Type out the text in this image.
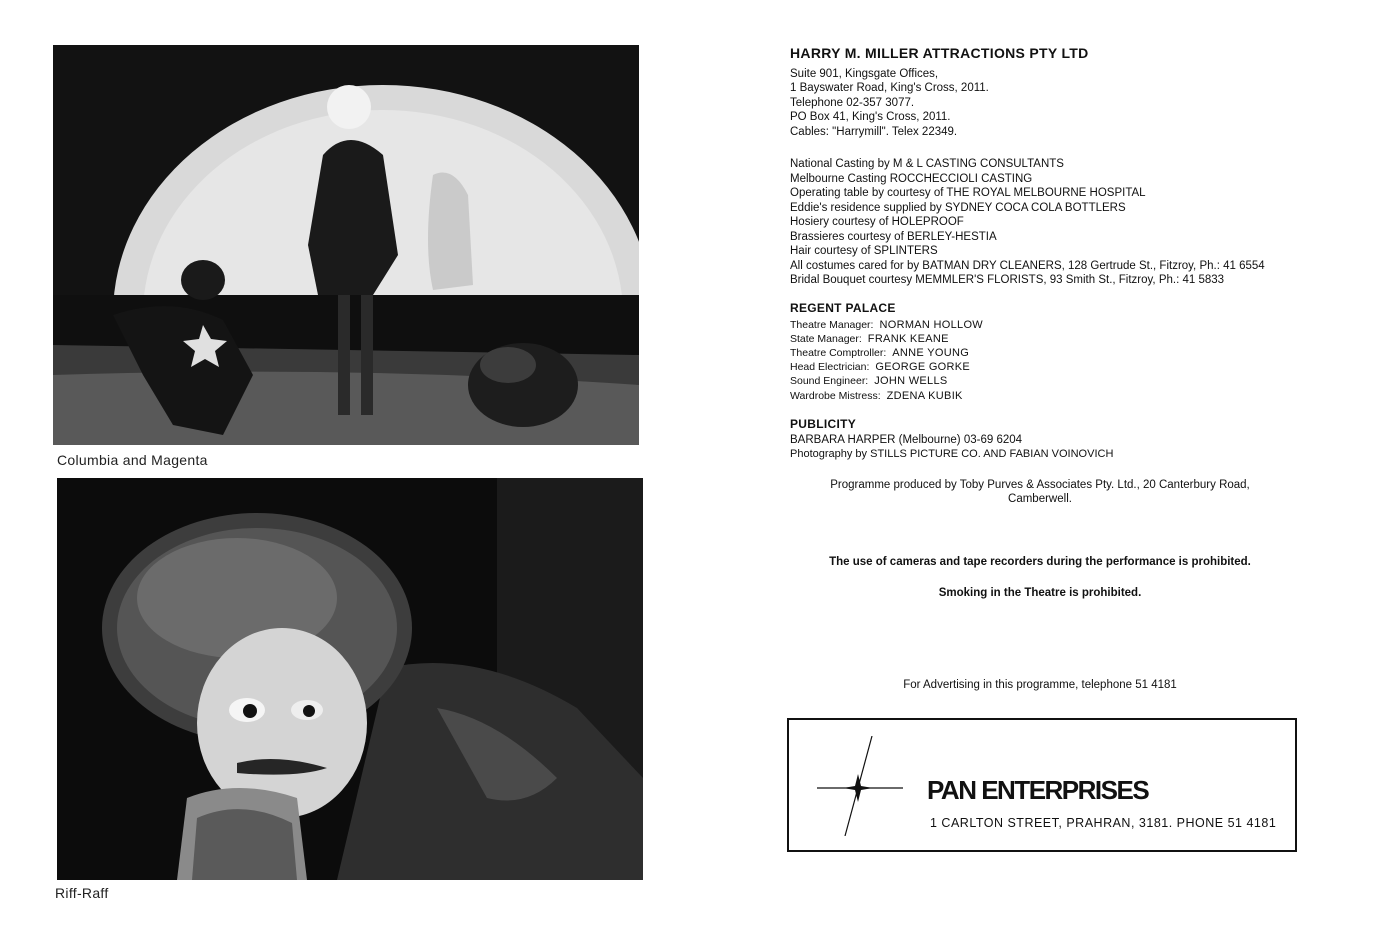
Columbia and Magenta
Riff-Raff
HARRY M. MILLER ATTRACTIONS PTY LTD
Suite 901, Kingsgate Offices,
1 Bayswater Road, King's Cross, 2011.
Telephone 02-357 3077.
PO Box 41, King's Cross, 2011.
Cables: "Harrymill". Telex 22349.
National Casting by M & L CASTING CONSULTANTS
Melbourne Casting ROCCHECCIOLI CASTING
Operating table by courtesy of THE ROYAL MELBOURNE HOSPITAL
Eddie's residence supplied by SYDNEY COCA COLA BOTTLERS
Hosiery courtesy of HOLEPROOF
Brassieres courtesy of BERLEY-HESTIA
Hair courtesy of SPLINTERS
All costumes cared for by BATMAN DRY CLEANERS, 128 Gertrude St., Fitzroy, Ph.: 41 6554
Bridal Bouquet courtesy MEMMLER'S FLORISTS, 93 Smith St., Fitzroy, Ph.: 41 5833
REGENT PALACE
Theatre Manager: NORMAN HOLLOW
State Manager: FRANK KEANE
Theatre Comptroller: ANNE YOUNG
Head Electrician: GEORGE GORKE
Sound Engineer: JOHN WELLS
Wardrobe Mistress: ZDENA KUBIK
PUBLICITY
BARBARA HARPER (Melbourne) 03-69 6204
Photography by STILLS PICTURE CO. AND FABIAN VOINOVICH
Programme produced by Toby Purves & Associates Pty. Ltd., 20 Canterbury Road,
Camberwell.
The use of cameras and tape recorders during the performance is prohibited.
Smoking in the Theatre is prohibited.
For Advertising in this programme, telephone 51 4181
PAN ENTERPRISES
1 CARLTON STREET, PRAHRAN, 3181. PHONE 51 4181
